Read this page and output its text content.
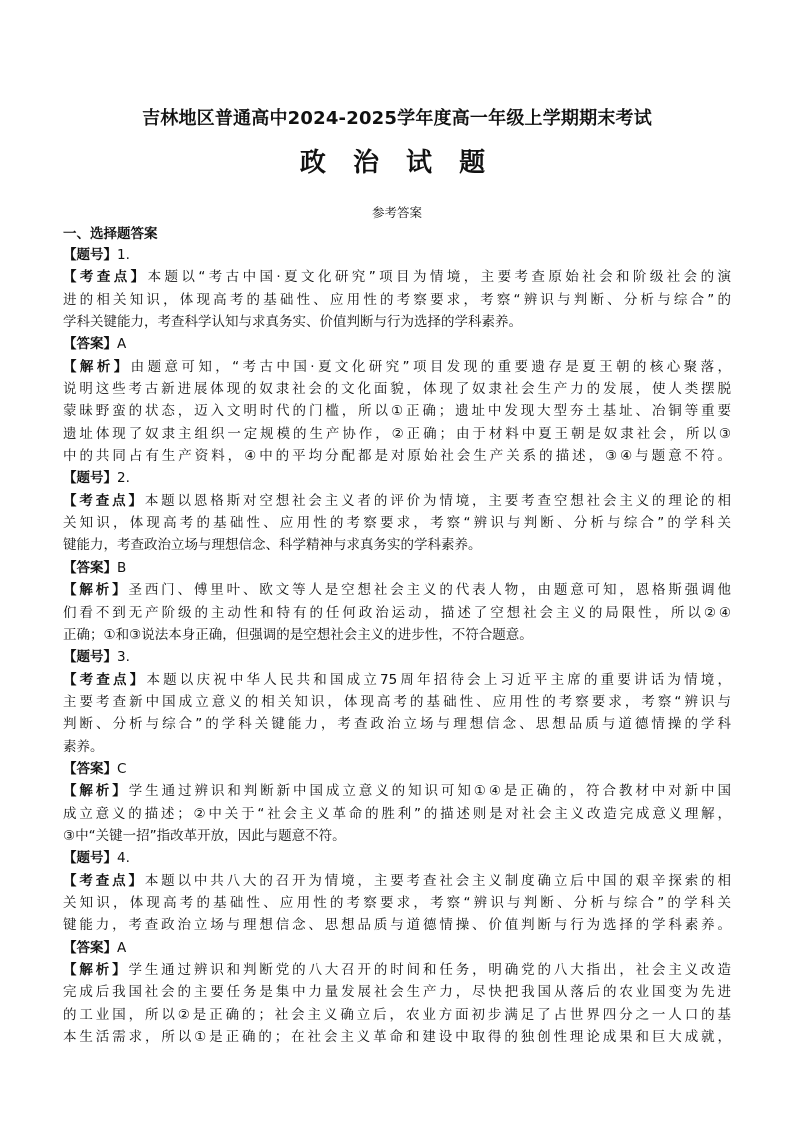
吉林地区普通高中2024-2025学年度高一年级上学期期末考试
政 治 试 题
参考答案
一、选择题答案
【题号】1.
【考查点】本题以“考古中国·夏文化研究”项目为情境，主要考查原始社会和阶级社会的演
进的相关知识，体现高考的基础性、应用性的考察要求，考察“辨识与判断、分析与综合”的
学科关键能力，考查科学认知与求真务实、价值判断与行为选择的学科素养。
【答案】A
【解析】由题意可知，“考古中国·夏文化研究”项目发现的重要遗存是夏王朝的核心聚落，
说明这些考古新进展体现的奴隶社会的文化面貌，体现了奴隶社会生产力的发展，使人类摆脱
蒙昧野蛮的状态，迈入文明时代的门槛，所以①正确；遗址中发现大型夯土基址、冶铜等重要
遗址体现了奴隶主组织一定规模的生产协作，②正确；由于材料中夏王朝是奴隶社会，所以③
中的共同占有生产资料，④中的平均分配都是对原始社会生产关系的描述，③④与题意不符。
【题号】2.
【考查点】本题以恩格斯对空想社会主义者的评价为情境，主要考查空想社会主义的理论的相
关知识，体现高考的基础性、应用性的考察要求，考察“辨识与判断、分析与综合”的学科关
键能力，考查政治立场与理想信念、科学精神与求真务实的学科素养。
【答案】B
【解析】圣西门、傅里叶、欧文等人是空想社会主义的代表人物，由题意可知，恩格斯强调他
们看不到无产阶级的主动性和特有的任何政治运动，描述了空想社会主义的局限性，所以②④
正确；①和③说法本身正确，但强调的是空想社会主义的进步性，不符合题意。
【题号】3.
【考查点】本题以庆祝中华人民共和国成立75周年招待会上习近平主席的重要讲话为情境，
主要考查新中国成立意义的相关知识，体现高考的基础性、应用性的考察要求，考察“辨识与
判断、分析与综合”的学科关键能力，考查政治立场与理想信念、思想品质与道德情操的学科
素养。
【答案】C
【解析】学生通过辨识和判断新中国成立意义的知识可知①④是正确的，符合教材中对新中国
成立意义的描述；②中关于“社会主义革命的胜利”的描述则是对社会主义改造完成意义理解，
③中“关键一招”指改革开放，因此与题意不符。
【题号】4.
【考查点】本题以中共八大的召开为情境，主要考查社会主义制度确立后中国的艰辛探索的相
关知识，体现高考的基础性、应用性的考察要求，考察“辨识与判断、分析与综合”的学科关
键能力，考查政治立场与理想信念、思想品质与道德情操、价值判断与行为选择的学科素养。
【答案】A
【解析】学生通过辨识和判断党的八大召开的时间和任务，明确党的八大指出，社会主义改造
完成后我国社会的主要任务是集中力量发展社会生产力，尽快把我国从落后的农业国变为先进
的工业国，所以②是正确的；社会主义确立后，农业方面初步满足了占世界四分之一人口的基
本生活需求，所以①是正确的；在社会主义革命和建设中取得的独创性理论成果和巨大成就，
